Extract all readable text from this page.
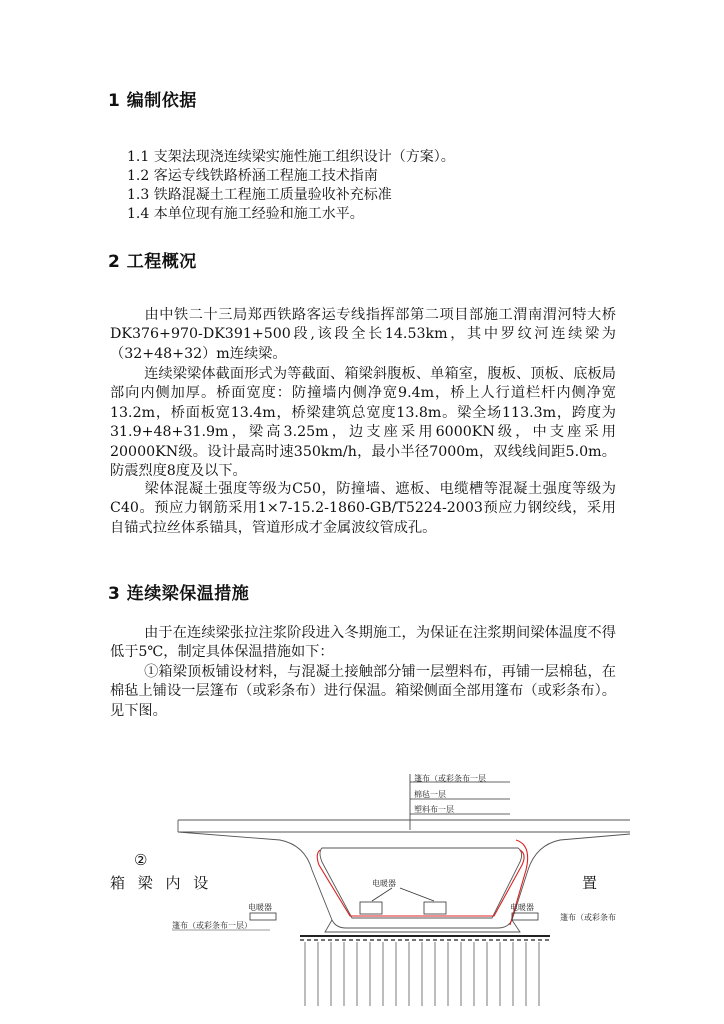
1 编制依据
1.1 支架法现浇连续梁实施性施工组织设计（方案）。
1.2 客运专线铁路桥涵工程施工技术指南
1.3 铁路混凝土工程施工质量验收补充标准
1.4 本单位现有施工经验和施工水平。
2 工程概况

由中铁二十三局郑西铁路客运专线指挥部第二项目部施工渭南渭河特大桥DK376+970-DK391+500段,该段全长14.53km，其中罗纹河连续梁为（32+48+32）m连续梁。

连续梁梁体截面形式为等截面、箱梁斜腹板、单箱室，腹板、顶板、底板局部向内侧加厚。桥面宽度：防撞墙内侧净宽9.4m，桥上人行道栏杆内侧净宽13.2m，桥面板宽13.4m，桥梁建筑总宽度13.8m。梁全场113.3m，跨度为31.9+48+31.9m，梁高3.25m，边支座采用6000KN级，中支座采用20000KN级。设计最高时速350km/h，最小半径7000m，双线线间距5.0m。防震烈度8度及以下。

梁体混凝土强度等级为C50，防撞墙、遮板、电缆槽等混凝土强度等级为C40。预应力钢筋采用1×7-15.2-1860-GB/T5224-2003预应力钢绞线，采用自锚式拉丝体系锚具，管道形成才金属波纹管成孔。

3 连续梁保温措施

由于在连续梁张拉注浆阶段进入冬期施工，为保证在注浆期间梁体温度不得低于5℃，制定具体保温措施如下：

①箱梁顶板铺设材料，与混凝土接触部分铺一层塑料布，再铺一层棉毡，在棉毡上铺设一层篷布（或彩条布）进行保温。箱梁侧面全部用篷布（或彩条布）。见下图。

篷布（或彩条布一层
棉毡一层
塑料布一层
电暖器
电暖器	电暖器
篷布（或彩条布一层）
篷布（或彩条布
②
箱 梁 内 设	置
